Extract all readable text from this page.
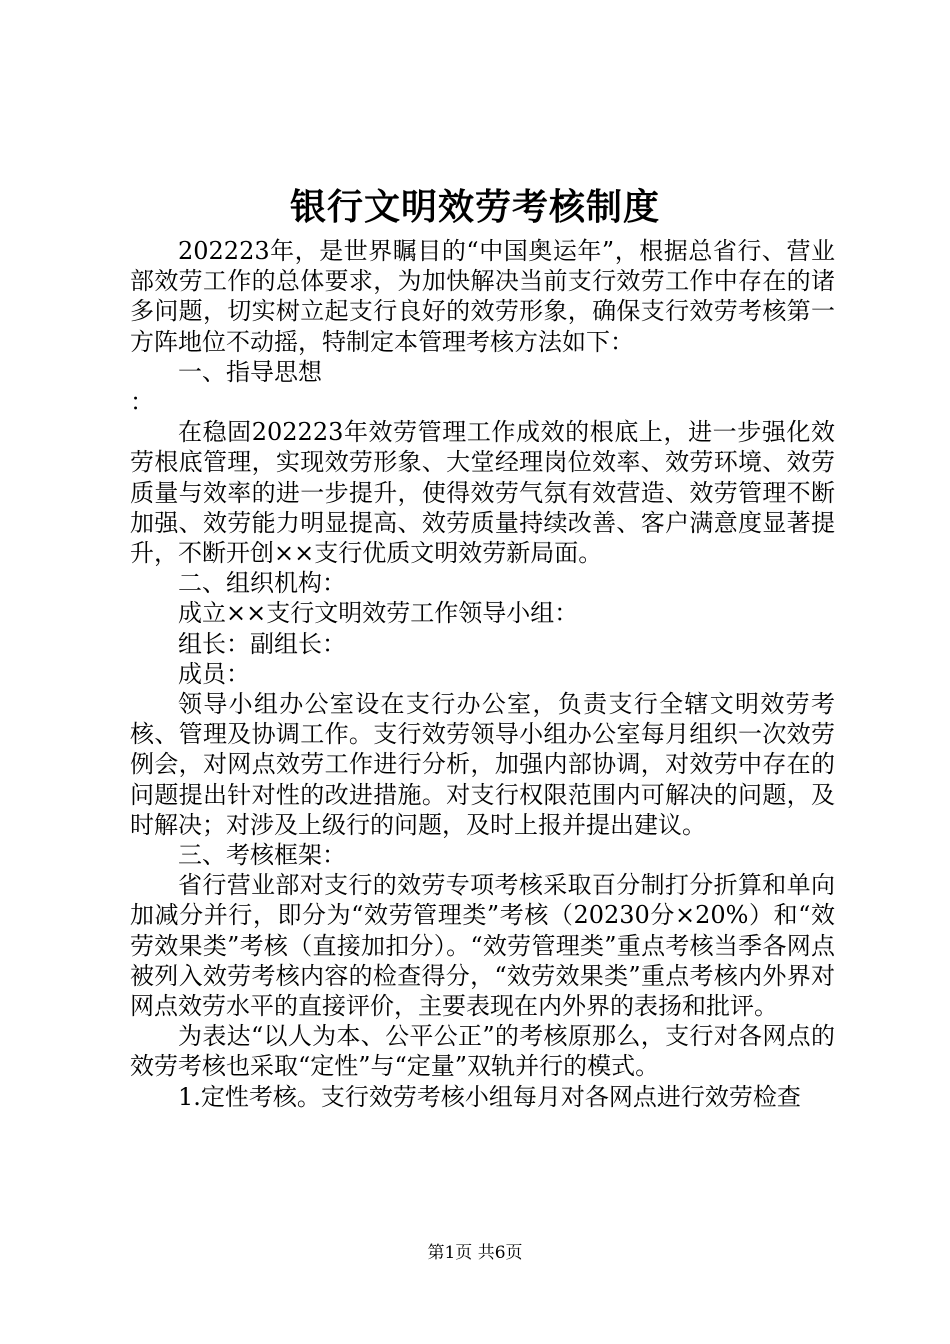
银行文明效劳考核制度

202223年，是世界瞩目的“中国奥运年”，根据总省行、营业部效劳工作的总体要求，为加快解决当前支行效劳工作中存在的诸多问题，切实树立起支行良好的效劳形象，确保支行效劳考核第一方阵地位不动摇，特制定本管理考核方法如下：

一、指导思想

：

在稳固202223年效劳管理工作成效的根底上，进一步强化效劳根底管理，实现效劳形象、大堂经理岗位效率、效劳环境、效劳质量与效率的进一步提升，使得效劳气氛有效营造、效劳管理不断加强、效劳能力明显提高、效劳质量持续改善、客户满意度显著提升，不断开创××支行优质文明效劳新局面。

二、组织机构：

成立××支行文明效劳工作领导小组：

组长：副组长：

成员：

领导小组办公室设在支行办公室，负责支行全辖文明效劳考核、管理及协调工作。支行效劳领导小组办公室每月组织一次效劳例会，对网点效劳工作进行分析，加强内部协调，对效劳中存在的问题提出针对性的改进措施。对支行权限范围内可解决的问题，及时解决；对涉及上级行的问题，及时上报并提出建议。

三、考核框架：

省行营业部对支行的效劳专项考核采取百分制打分折算和单向加减分并行，即分为“效劳管理类”考核（20230分×20%）和“效劳效果类”考核（直接加扣分）。“效劳管理类”重点考核当季各网点被列入效劳考核内容的检查得分，“效劳效果类”重点考核内外界对网点效劳水平的直接评价，主要表现在内外界的表扬和批评。

为表达“以人为本、公平公正”的考核原那么，支行对各网点的效劳考核也采取“定性”与“定量”双轨并行的模式。

1.定性考核。支行效劳考核小组每月对各网点进行效劳检查

第1页 共6页
